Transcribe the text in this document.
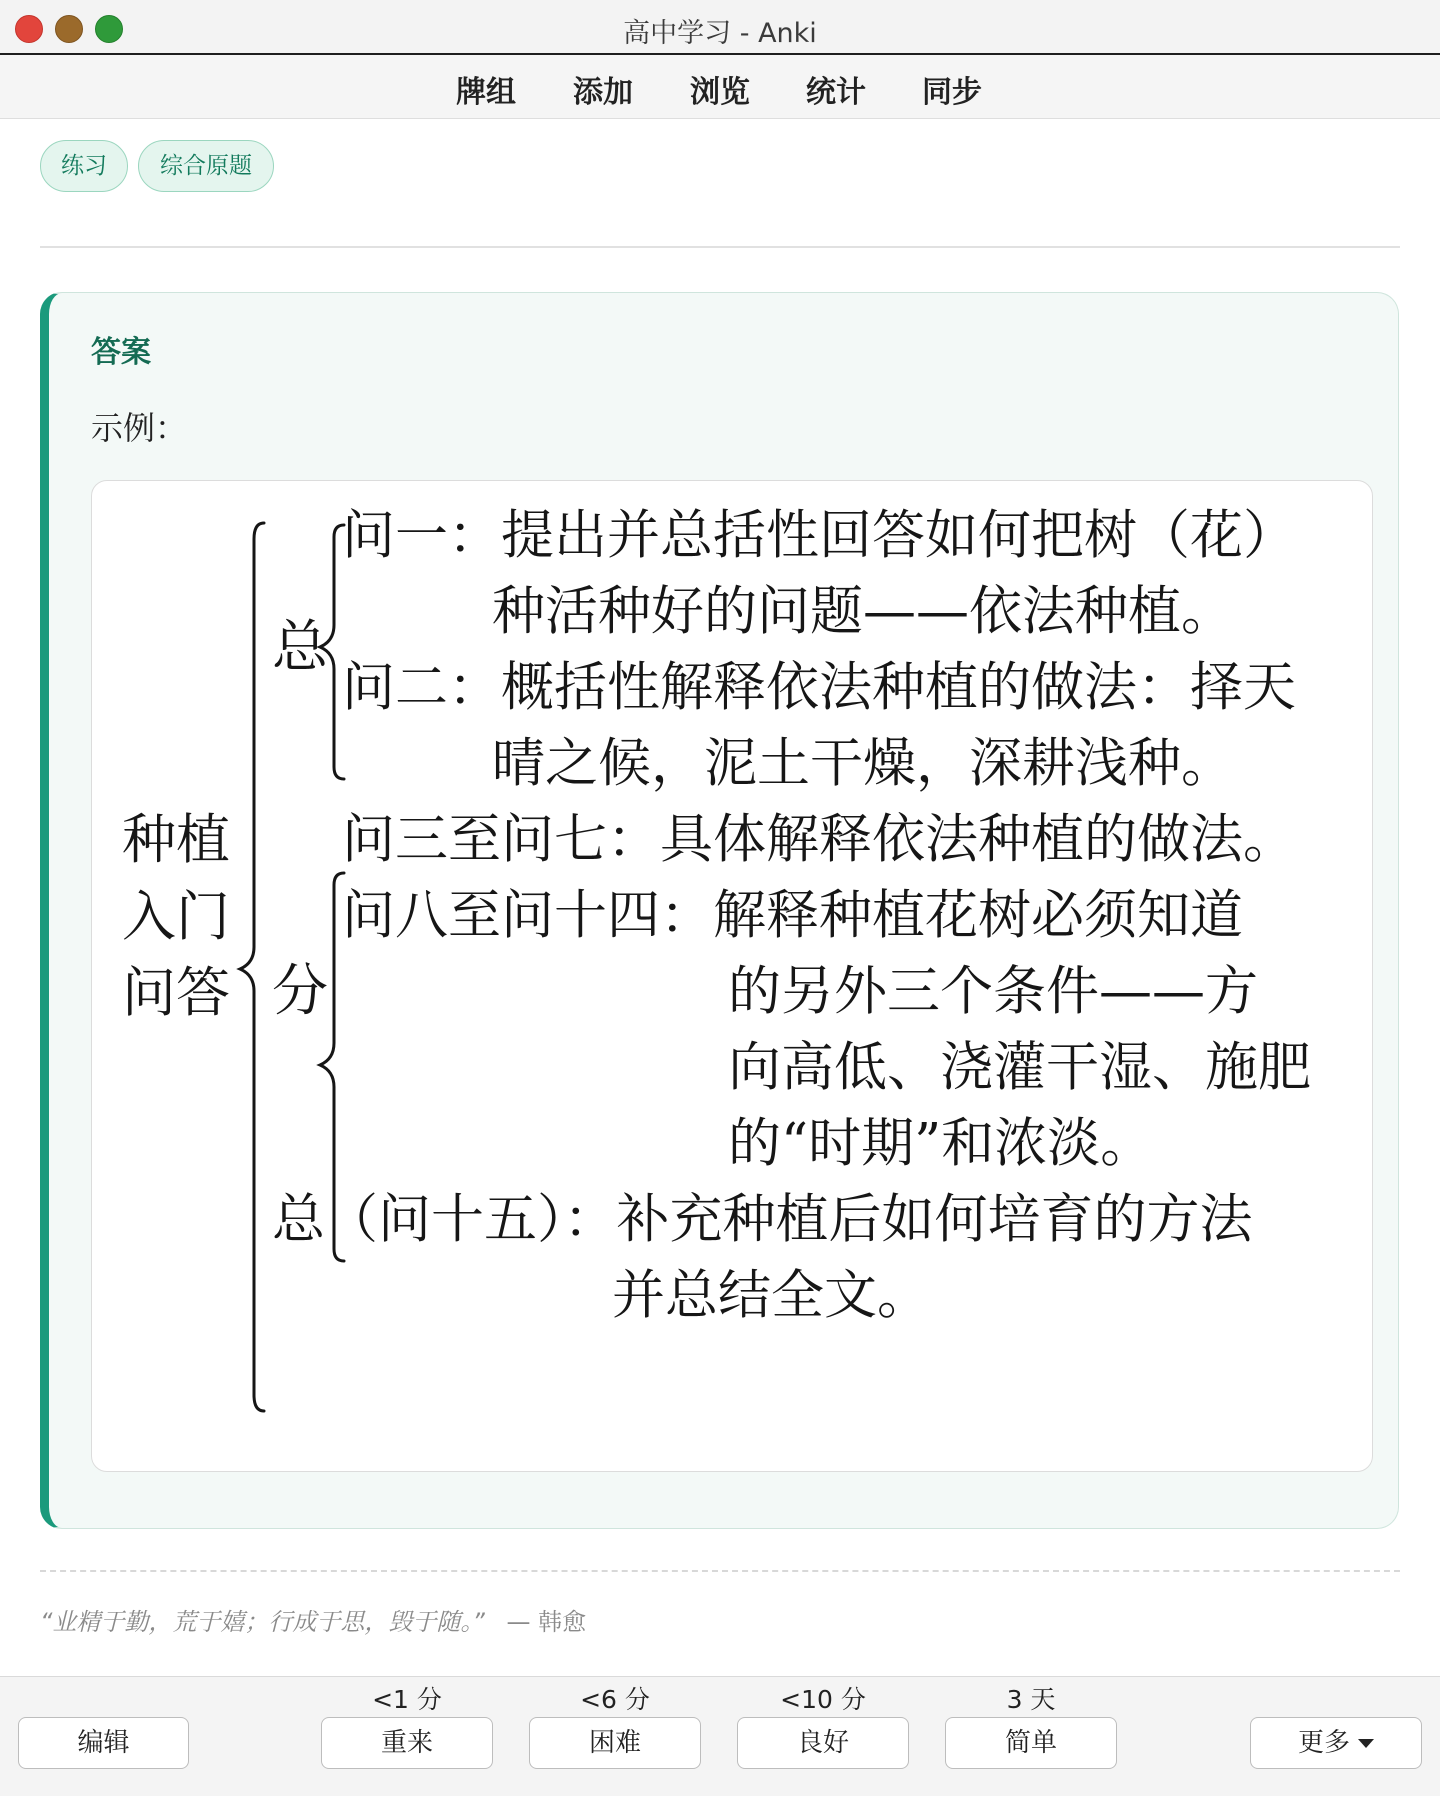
高中学习 - Anki
牌组 添加 浏览 统计 同步
练习	综合原题
答案
示例：
种植
入门
问答
总
分
问一：提出并总括性回答如何把树（花）
种活种好的问题——依法种植。
问二：概括性解释依法种植的做法：择天
晴之候，泥土干燥，深耕浅种。
问三至问七：具体解释依法种植的做法。
问八至问十四：解释种植花树必须知道
的另外三个条件——方
向高低、浇灌干湿、施肥
的“时期”和浓淡。
总（问十五）：补充种植后如何培育的方法
并总结全文。
“业精于勤，荒于嬉；行成于思，毁于随。” — 韩愈
<1 分	<6 分	<10 分	3 天
编辑	重来	困难	良好	简单	更多
